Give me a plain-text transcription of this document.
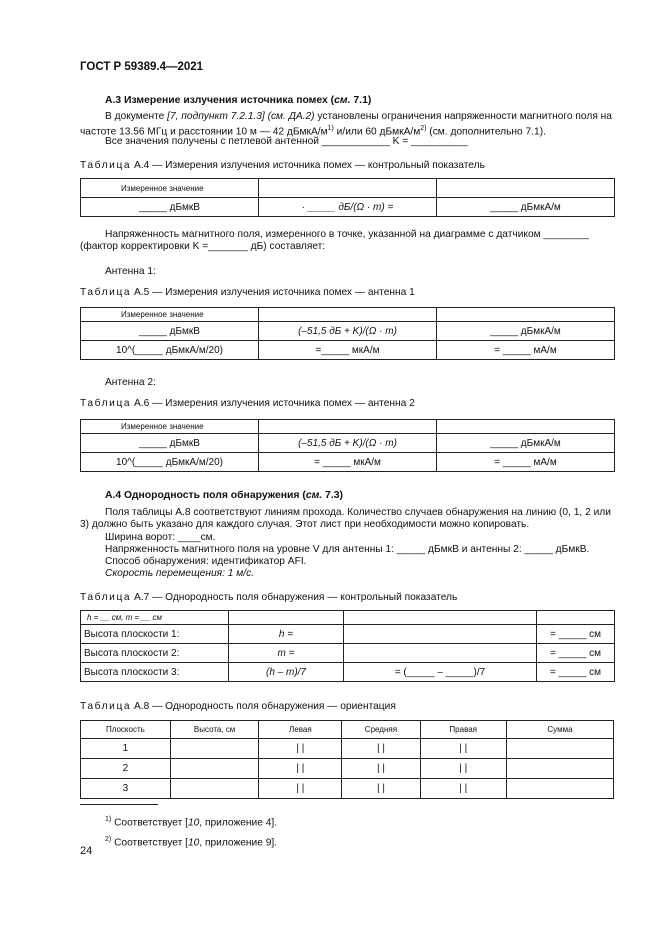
ГОСТ Р 59389.4—2021
А.3 Измерение излучения источника помех (см. 7.1)
В документе [7, подпункт 7.2.1.3] (см. ДА.2) установлены ограничения напряженности магнитного поля на частоте 13.56 МГц и расстоянии 10 м — 42 дБмкА/$м^{1)}$ и/или 60 дБмкА/$м^{2)}$ (см. дополнительно 7.1).
Все значения получены с петлевой антенной ____________ K = __________
Таблица А.4 — Измерения излучения источника помех — контрольный показатель
Измеренное значение		
_____ дБмкВ	· _____ дБ/(Ω · m) =	_____ дБмкА/м
Напряженность магнитного поля, измеренного в точке, указанной на диаграмме с датчиком ________ (фактор корректировки K =_______ дБ) составляет:
Антенна 1:
Таблица А.5 — Измерения излучения источника помех — антенна 1
Измеренное значение		
_____ дБмкВ	(–51,5 дБ + K)/(Ω · m)	_____ дБмкА/м
10^(_____ дБмкА/м/20)	=_____ мкА/м	= _____ мА/м
Антенна 2:
Таблица А.6 — Измерения излучения источника помех — антенна 2
Измеренное значение		
_____ дБмкВ	(–51,5 дБ + K)/(Ω · m)	_____ дБмкА/м
10^(_____ дБмкА/м/20)	= _____ мкА/м	= _____ мА/м
А.4 Однородность поля обнаружения (см. 7.3)
Поля таблицы А.8 соответствуют линиям прохода. Количество случаев обнаружения на линию (0, 1, 2 или 3) должно быть указано для каждого случая. Этот лист при необходимости можно копировать.
Ширина ворот: ____см.
Напряженность магнитного поля на уровне V для антенны 1: _____ дБмкВ и антенны 2: _____ дБмкВ.
Способ обнаружения: идентификатор AFI.
Скорость перемещения: 1 м/с.
Таблица А.7 — Однородность поля обнаружения — контрольный показатель
h = __ см, m = __ см			
Высота плоскости 1:	h =		= _____ см
Высота плоскости 2:	m =		= _____ см
Высота плоскости 3:	(h – m)/7	= (_____ – _____)/7	= _____ см
Таблица А.8 — Однородность поля обнаружения — ориентация
Плоскость	Высота, см	Левая	Средняя	Правая	Сумма
1		| |	| |	| |	
2		| |	| |	| |	
3		| |	| |	| |	
$^{1)}$ Соответствует [10, приложение 4].
$^{2)}$ Соответствует [10, приложение 9].
24
